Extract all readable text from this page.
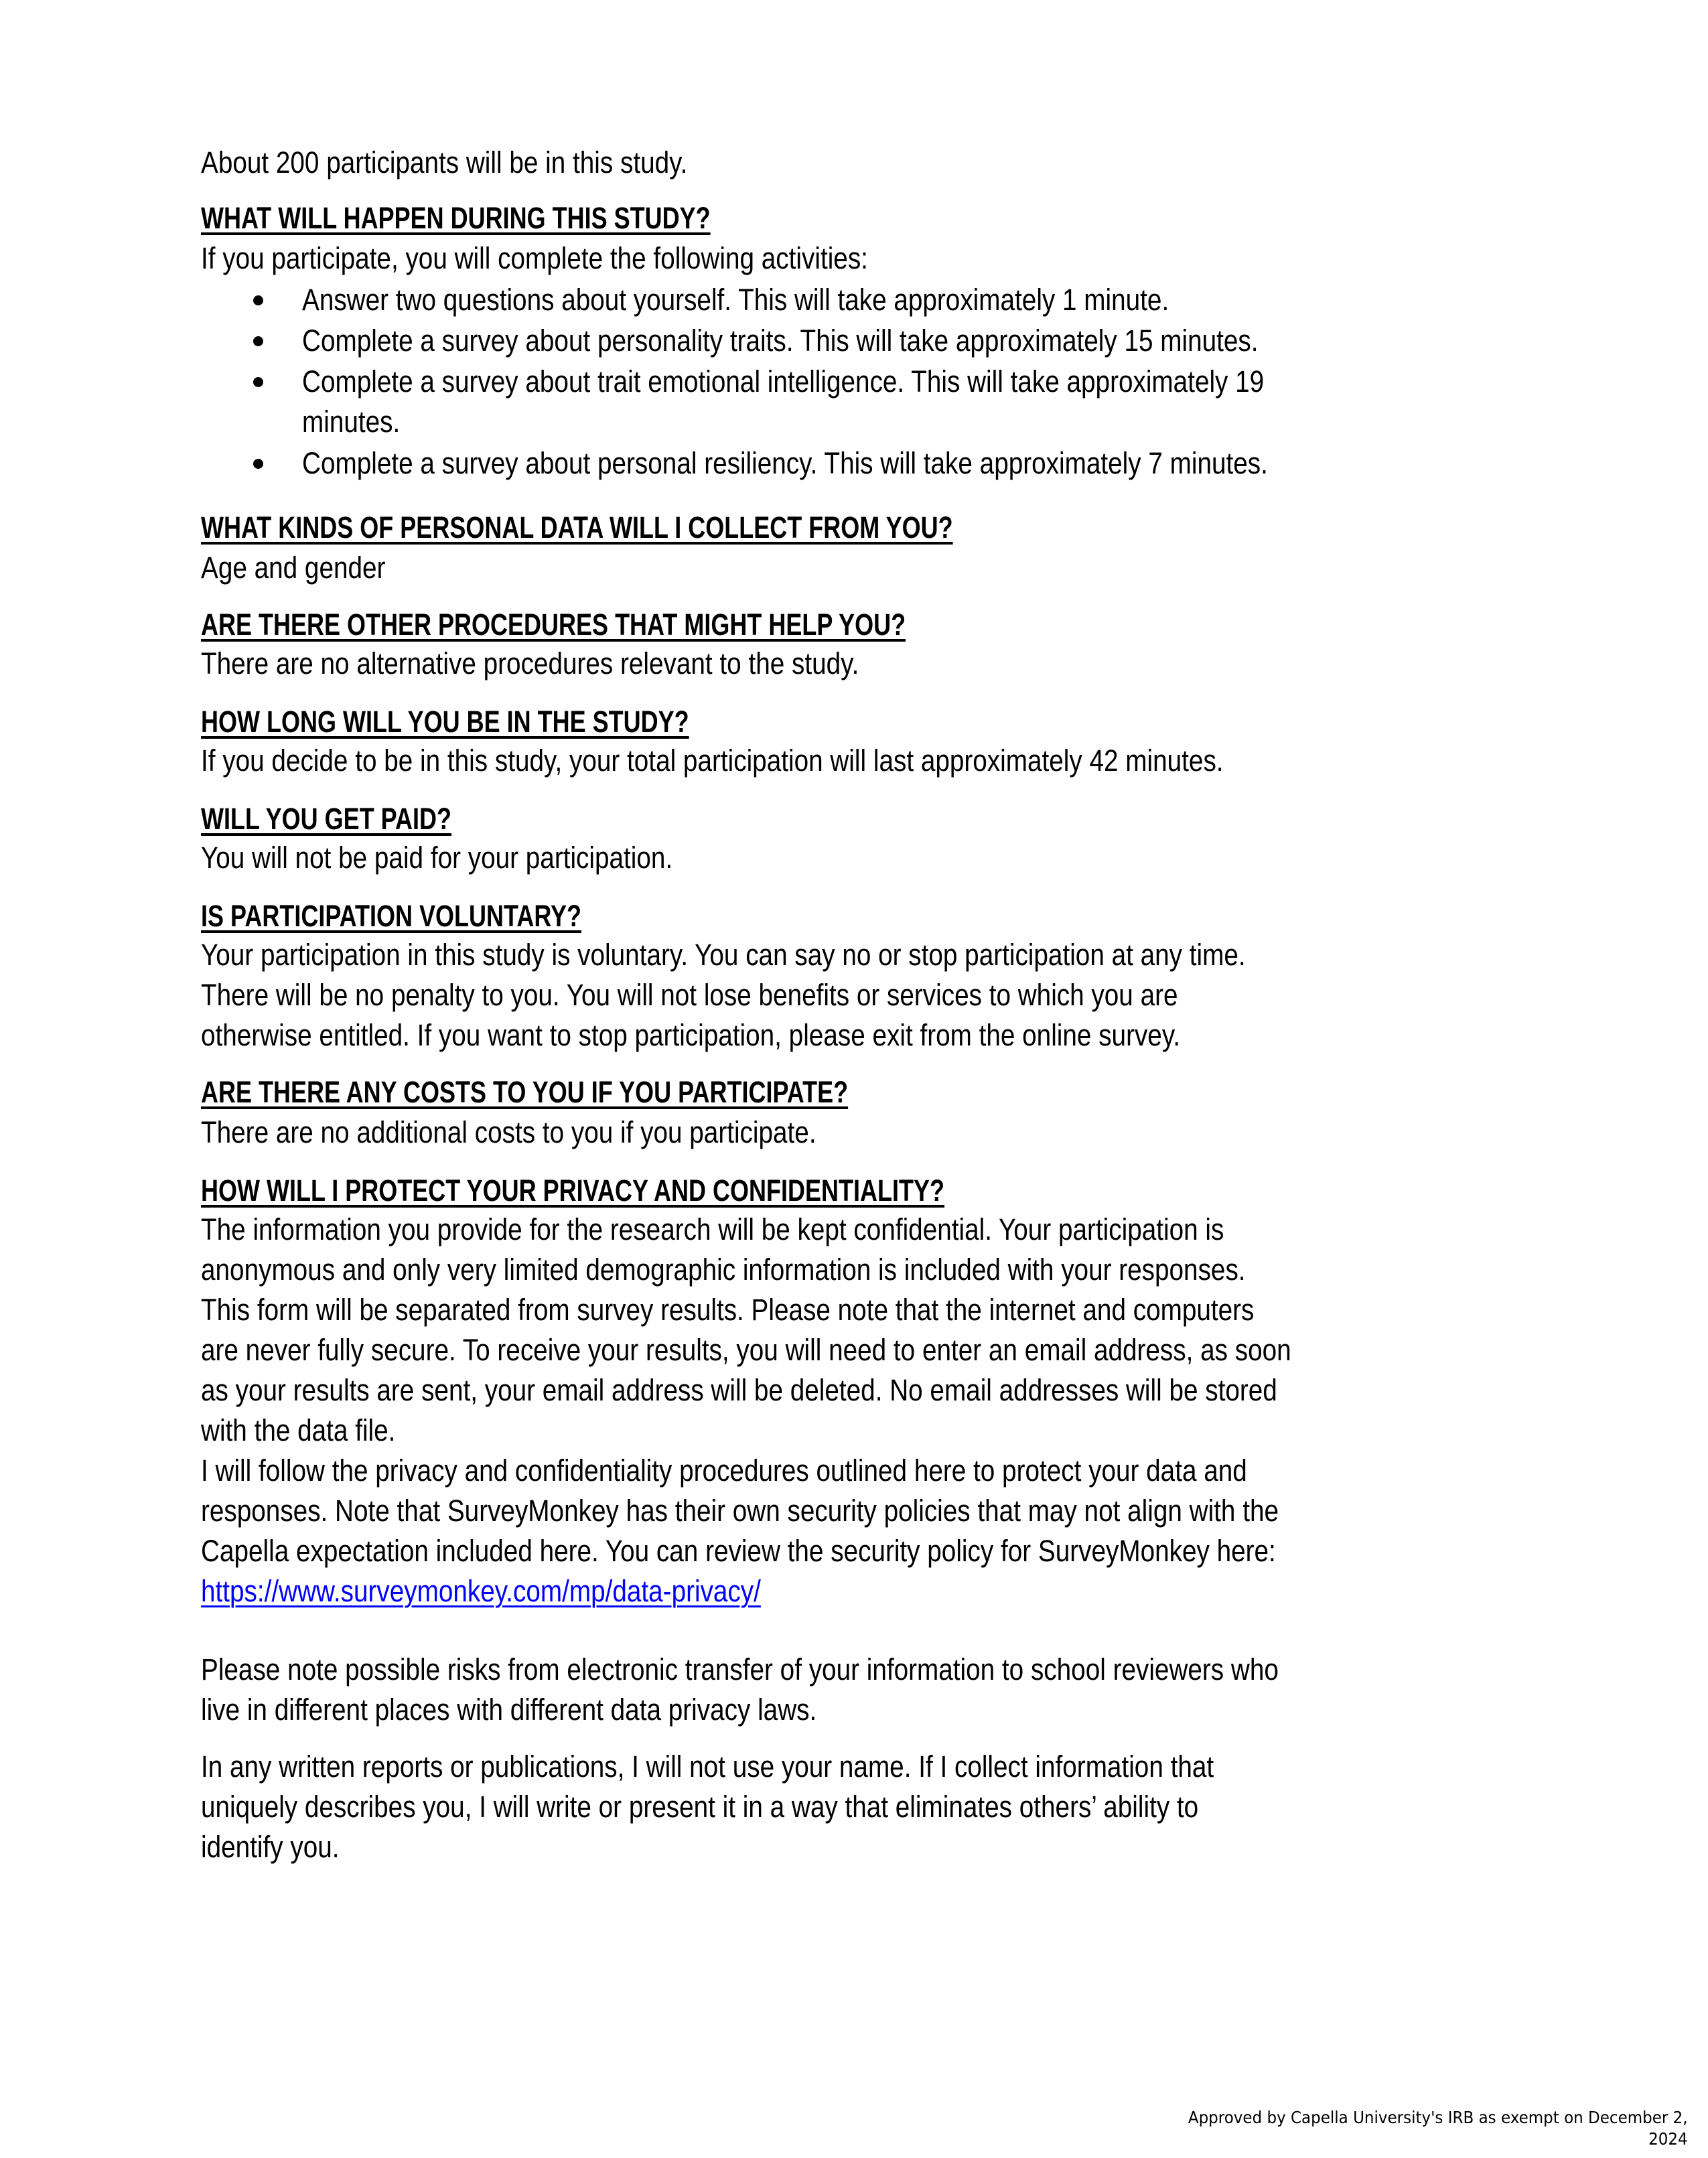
About 200 participants will be in this study.
WHAT WILL HAPPEN DURING THIS STUDY?
If you participate, you will complete the following activities:
Answer two questions about yourself. This will take approximately 1 minute.
Complete a survey about personality traits. This will take approximately 15 minutes.
Complete a survey about trait emotional intelligence. This will take approximately 19
minutes.
Complete a survey about personal resiliency. This will take approximately 7 minutes.
WHAT KINDS OF PERSONAL DATA WILL I COLLECT FROM YOU?
Age and gender
ARE THERE OTHER PROCEDURES THAT MIGHT HELP YOU?
There are no alternative procedures relevant to the study.
HOW LONG WILL YOU BE IN THE STUDY?
If you decide to be in this study, your total participation will last approximately 42 minutes.
WILL YOU GET PAID?
You will not be paid for your participation.
IS PARTICIPATION VOLUNTARY?
Your participation in this study is voluntary. You can say no or stop participation at any time.
There will be no penalty to you. You will not lose benefits or services to which you are
otherwise entitled. If you want to stop participation, please exit from the online survey.
ARE THERE ANY COSTS TO YOU IF YOU PARTICIPATE?
There are no additional costs to you if you participate.
HOW WILL I PROTECT YOUR PRIVACY AND CONFIDENTIALITY?
The information you provide for the research will be kept confidential. Your participation is
anonymous and only very limited demographic information is included with your responses.
This form will be separated from survey results. Please note that the internet and computers
are never fully secure. To receive your results, you will need to enter an email address, as soon
as your results are sent, your email address will be deleted. No email addresses will be stored
with the data file.
I will follow the privacy and confidentiality procedures outlined here to protect your data and
responses. Note that SurveyMonkey has their own security policies that may not align with the
Capella expectation included here. You can review the security policy for SurveyMonkey here:
https://www.surveymonkey.com/mp/data-privacy/
Please note possible risks from electronic transfer of your information to school reviewers who
live in different places with different data privacy laws.
In any written reports or publications, I will not use your name. If I collect information that
uniquely describes you, I will write or present it in a way that eliminates others’ ability to
identify you.
Approved by Capella University's IRB as exempt on December 2,
2024
